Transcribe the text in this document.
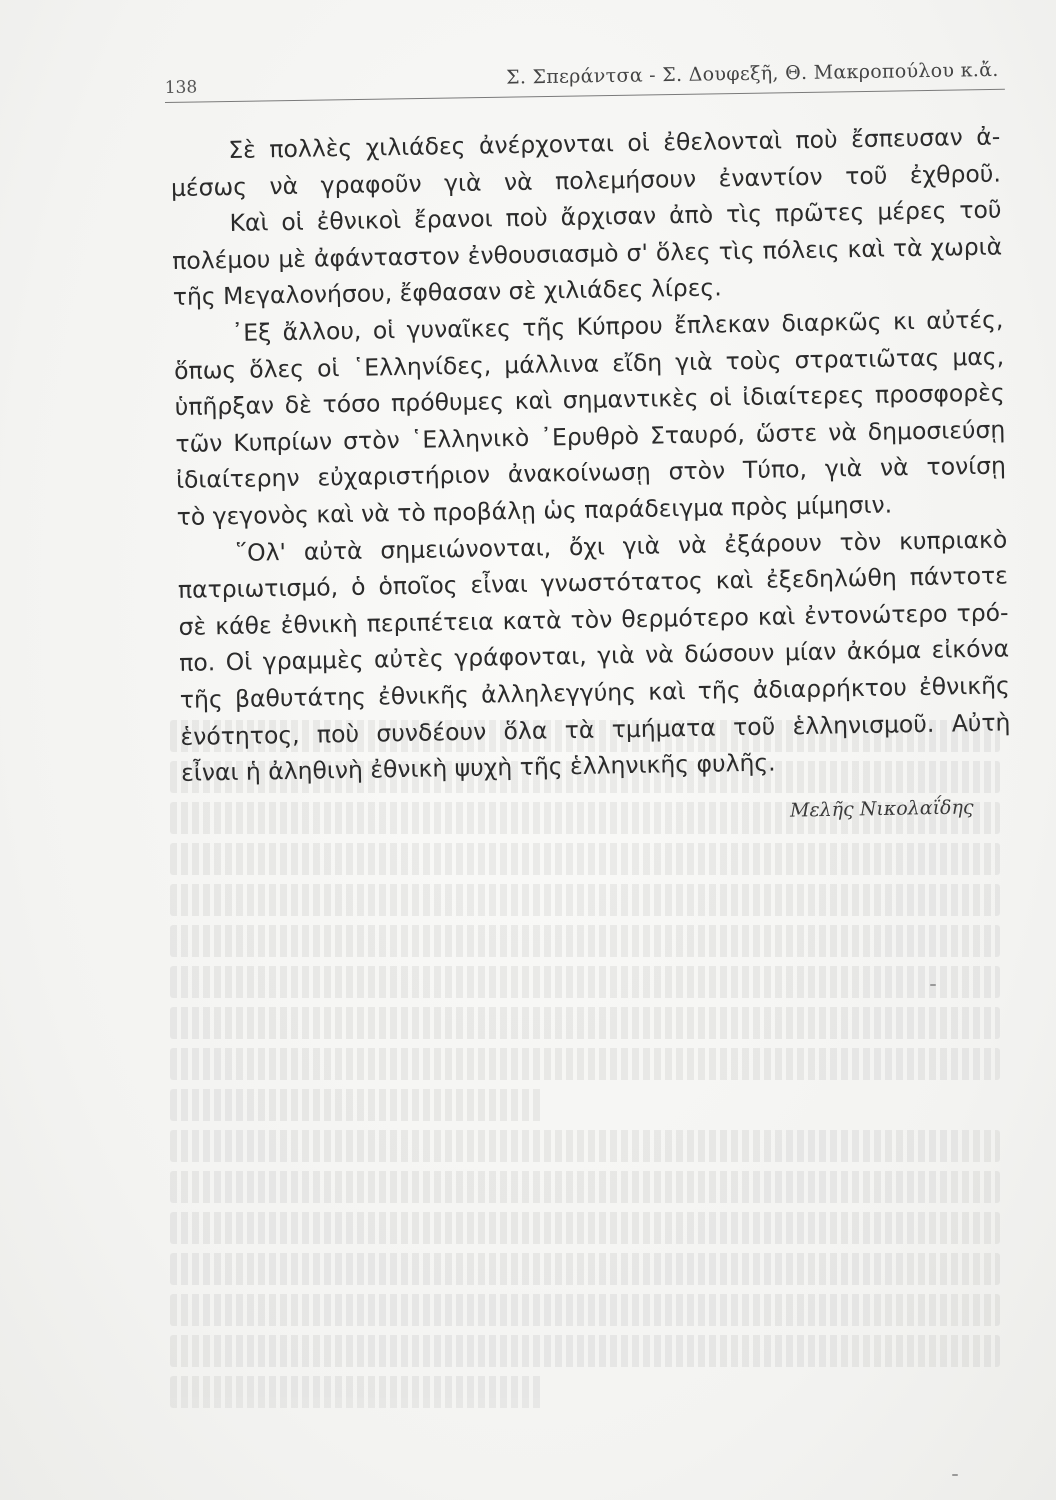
138	Σ. Σπεράντσα - Σ. Δουφεξῆ, Θ. Μακροπούλου κ.ἄ.
Σὲ πολλὲς χιλιάδες ἀνέρχονται οἱ ἐθελονταὶ ποὺ ἔσπευσαν ἀ-
μέσως νὰ γραφοῦν γιὰ νὰ πολεμήσουν ἐναντίον τοῦ ἐχθροῦ.
Καὶ οἱ ἐθνικοὶ ἔρανοι ποὺ ἄρχισαν ἀπὸ τὶς πρῶτες μέρες τοῦ
πολέμου μὲ ἀφάνταστον ἐνθουσιασμὸ σ' ὅλες τὶς πόλεις καὶ τὰ χωριὰ
τῆς Μεγαλονήσου, ἔφθασαν σὲ χιλιάδες λίρες.
᾿Εξ ἄλλου, οἱ γυναῖκες τῆς Κύπρου ἔπλεκαν διαρκῶς κι αὐτές,
ὅπως ὅλες οἱ ῾Ελληνίδες, μάλλινα εἴδη γιὰ τοὺς στρατιῶτας μας,
ὑπῆρξαν δὲ τόσο πρόθυμες καὶ σημαντικὲς οἱ ἰδιαίτερες προσφορὲς
τῶν Κυπρίων στὸν ῾Ελληνικὸ ᾿Ερυθρὸ Σταυρό, ὥστε νὰ δημοσιεύσῃ
ἰδιαίτερην εὐχαριστήριον ἀνακοίνωσῃ στὸν Τύπο, γιὰ νὰ τονίσῃ
τὸ γεγονὸς καὶ νὰ τὸ προβάλῃ ὡς παράδειγμα πρὸς μίμησιν.
῞Ολ' αὐτὰ σημειώνονται, ὄχι γιὰ νὰ ἐξάρουν τὸν κυπριακὸ
πατριωτισμό, ὁ ὁποῖος εἶναι γνωστότατος καὶ ἐξεδηλώθη πάντοτε
σὲ κάθε ἐθνικὴ περιπέτεια κατὰ τὸν θερμότερο καὶ ἐντονώτερο τρό-
πο. Οἱ γραμμὲς αὐτὲς γράφονται, γιὰ νὰ δώσουν μίαν ἀκόμα εἰκόνα
τῆς βαθυτάτης ἐθνικῆς ἀλληλεγγύης καὶ τῆς ἀδιαρρήκτου ἐθνικῆς
ἑνότητος, ποὺ συνδέουν ὅλα τὰ τμήματα τοῦ ἑλληνισμοῦ. Αὐτὴ
εἶναι ἡ ἀληθινὴ ἐθνικὴ ψυχὴ τῆς ἑλληνικῆς φυλῆς.
Μελῆς Νικολαΐδης
